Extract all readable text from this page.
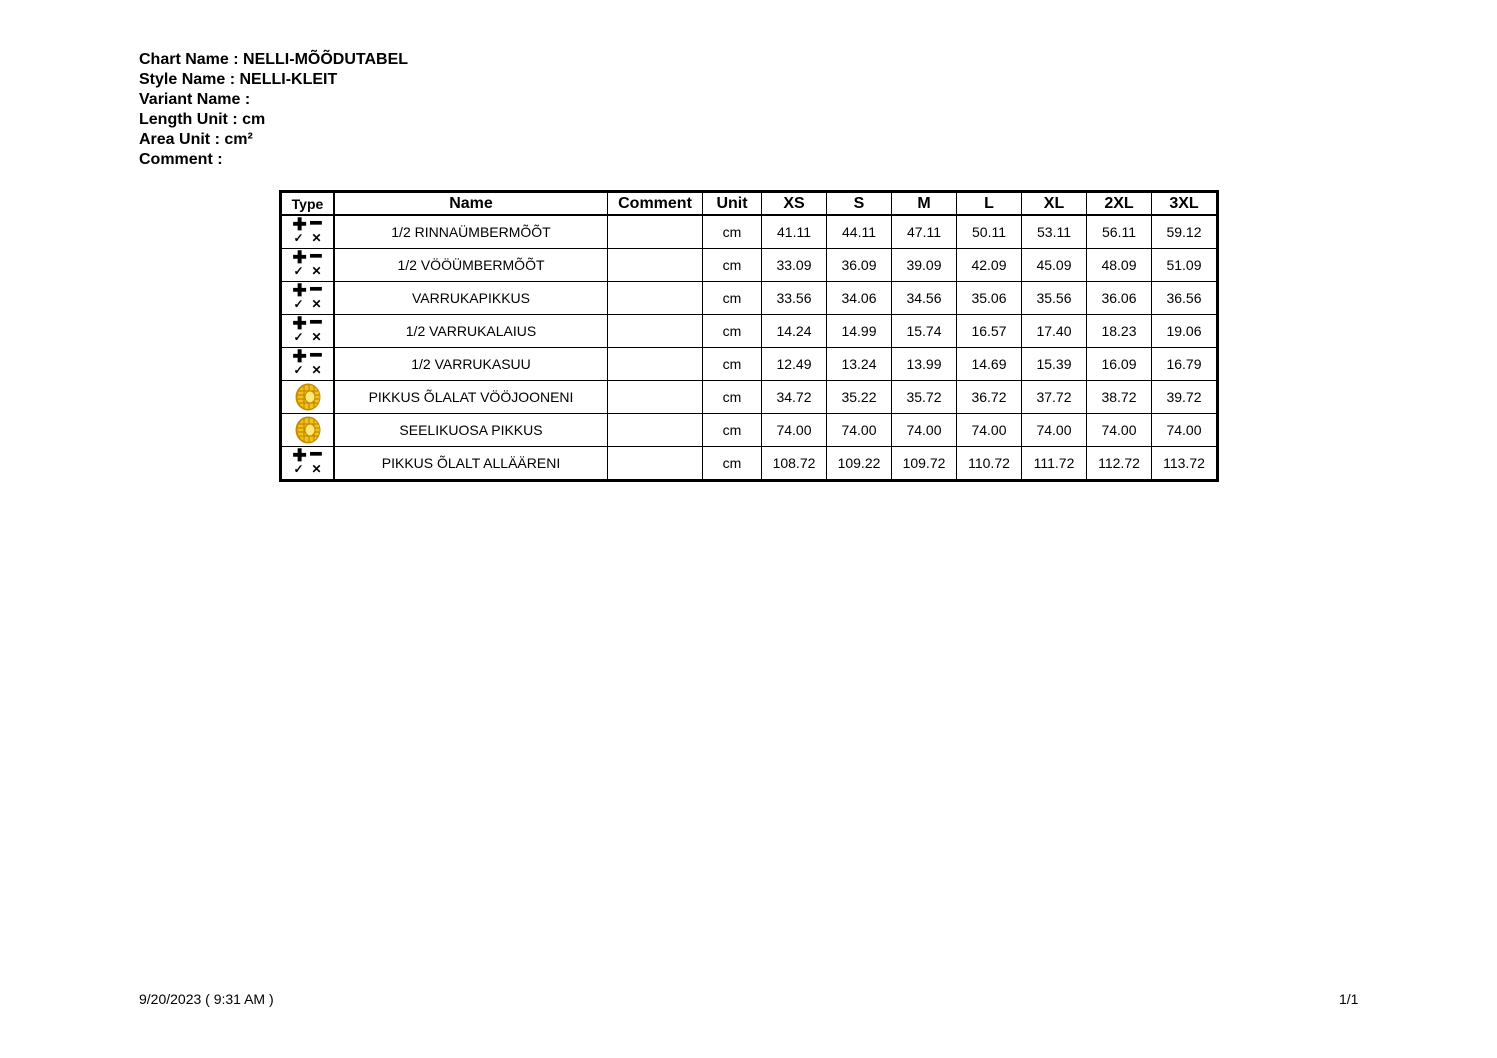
Chart Name : NELLI-MÕÕDUTABEL
Style Name : NELLI-KLEIT
Variant Name :
Length Unit : cm
Area Unit : cm²
Comment :
Type	Name	Comment	Unit	XS	S	M	L	XL	2XL	3XL

✚ ━
✓ ✕	1/2 RINNAÜMBERMÕÕT		cm	41.11	44.11	47.11	50.11	53.11	56.11	59.12

✚ ━
✓ ✕	1/2 VÖÖÜMBERMÕÕT		cm	33.09	36.09	39.09	42.09	45.09	48.09	51.09

✚ ━
✓ ✕	VARRUKAPIKKUS		cm	33.56	34.06	34.56	35.06	35.56	36.06	36.56

✚ ━
✓ ✕	1/2 VARRUKALAIUS		cm	14.24	14.99	15.74	16.57	17.40	18.23	19.06

✚ ━
✓ ✕	1/2 VARRUKASUU		cm	12.49	13.24	13.99	14.69	15.39	16.09	16.79
	PIKKUS ÕLALAT VÖÖJOONENI		cm	34.72	35.22	35.72	36.72	37.72	38.72	39.72
	SEELIKUOSA PIKKUS		cm	74.00	74.00	74.00	74.00	74.00	74.00	74.00

✚ ━
✓ ✕	PIKKUS ÕLALT ALLÄÄRENI		cm	108.72	109.22	109.72	110.72	111.72	112.72	113.72
9/20/2023 ( 9:31 AM )	1/1
